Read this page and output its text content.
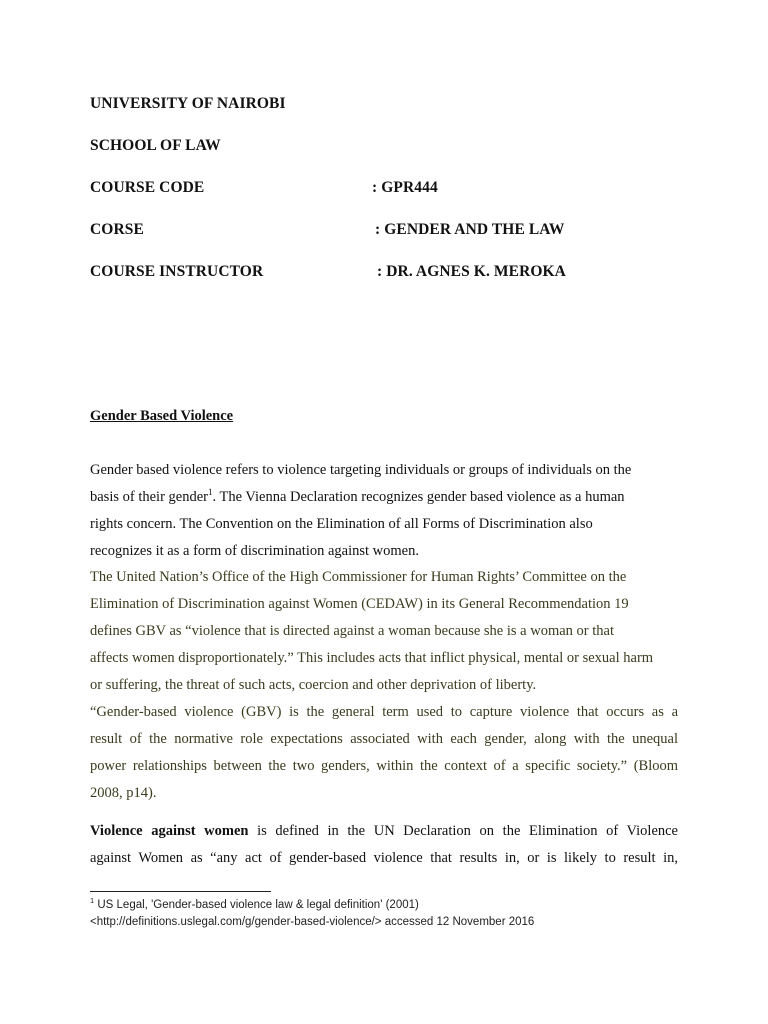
UNIVERSITY OF NAIROBI
SCHOOL OF LAW
COURSE CODE	: GPR444
CORSE	: GENDER AND THE LAW
COURSE INSTRUCTOR	: DR. AGNES K. MEROKA
Gender Based Violence
Gender based violence refers to violence targeting individuals or groups of individuals on the
basis of their gender$^1$. The Vienna Declaration recognizes gender based violence as a human
rights concern. The Convention on the Elimination of all Forms of Discrimination also
recognizes it as a form of discrimination against women.
The United Nation’s Office of the High Commissioner for Human Rights’ Committee on the
Elimination of Discrimination against Women (CEDAW) in its General Recommendation 19
defines GBV as “violence that is directed against a woman because she is a woman or that
affects women disproportionately.” This includes acts that inflict physical, mental or sexual harm
or suffering, the threat of such acts, coercion and other deprivation of liberty.
“Gender-based violence (GBV) is the general term used to capture violence that occurs as a
result of the normative role expectations associated with each gender, along with the unequal
power relationships between the two genders, within the context of a specific society.” (Bloom
2008, p14).
Violence against women is defined in the UN Declaration on the Elimination of Violence
against Women as “any act of gender-based violence that results in, or is likely to result in,
$^1$ US Legal, 'Gender-based violence law & legal definition' (2001)
<http://definitions.uslegal.com/g/gender-based-violence/> accessed 12 November 2016
